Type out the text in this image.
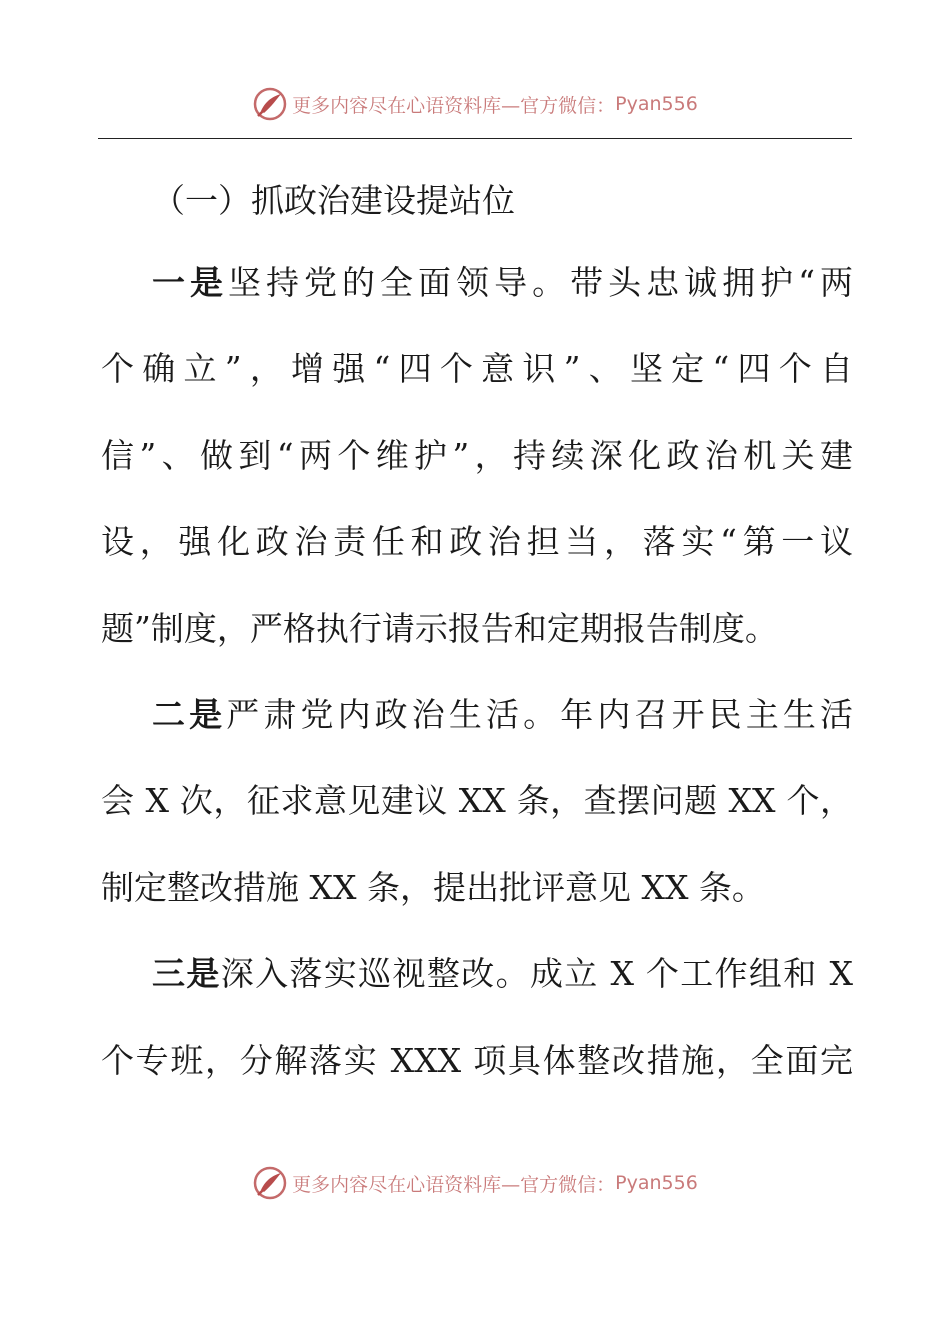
更多内容尽在心语资料库—官方微信： Pyan556
（一）抓政治建设提站位
一是坚持党的全面领导。带头忠诚拥护“两
个确立”，增强“四个意识”、坚定“四个自
信”、做到“两个维护”，持续深化政治机关建
设，强化政治责任和政治担当，落实“第一议
题”制度，严格执行请示报告和定期报告制度。
二是严肃党内政治生活。年内召开民主生活
会 X 次，征求意见建议 XX 条，查摆问题 XX 个，
制定整改措施 XX 条，提出批评意见 XX 条。
三是深入落实巡视整改。成立 X 个工作组和 X
个专班，分解落实 XXX 项具体整改措施，全面完
更多内容尽在心语资料库—官方微信： Pyan556
